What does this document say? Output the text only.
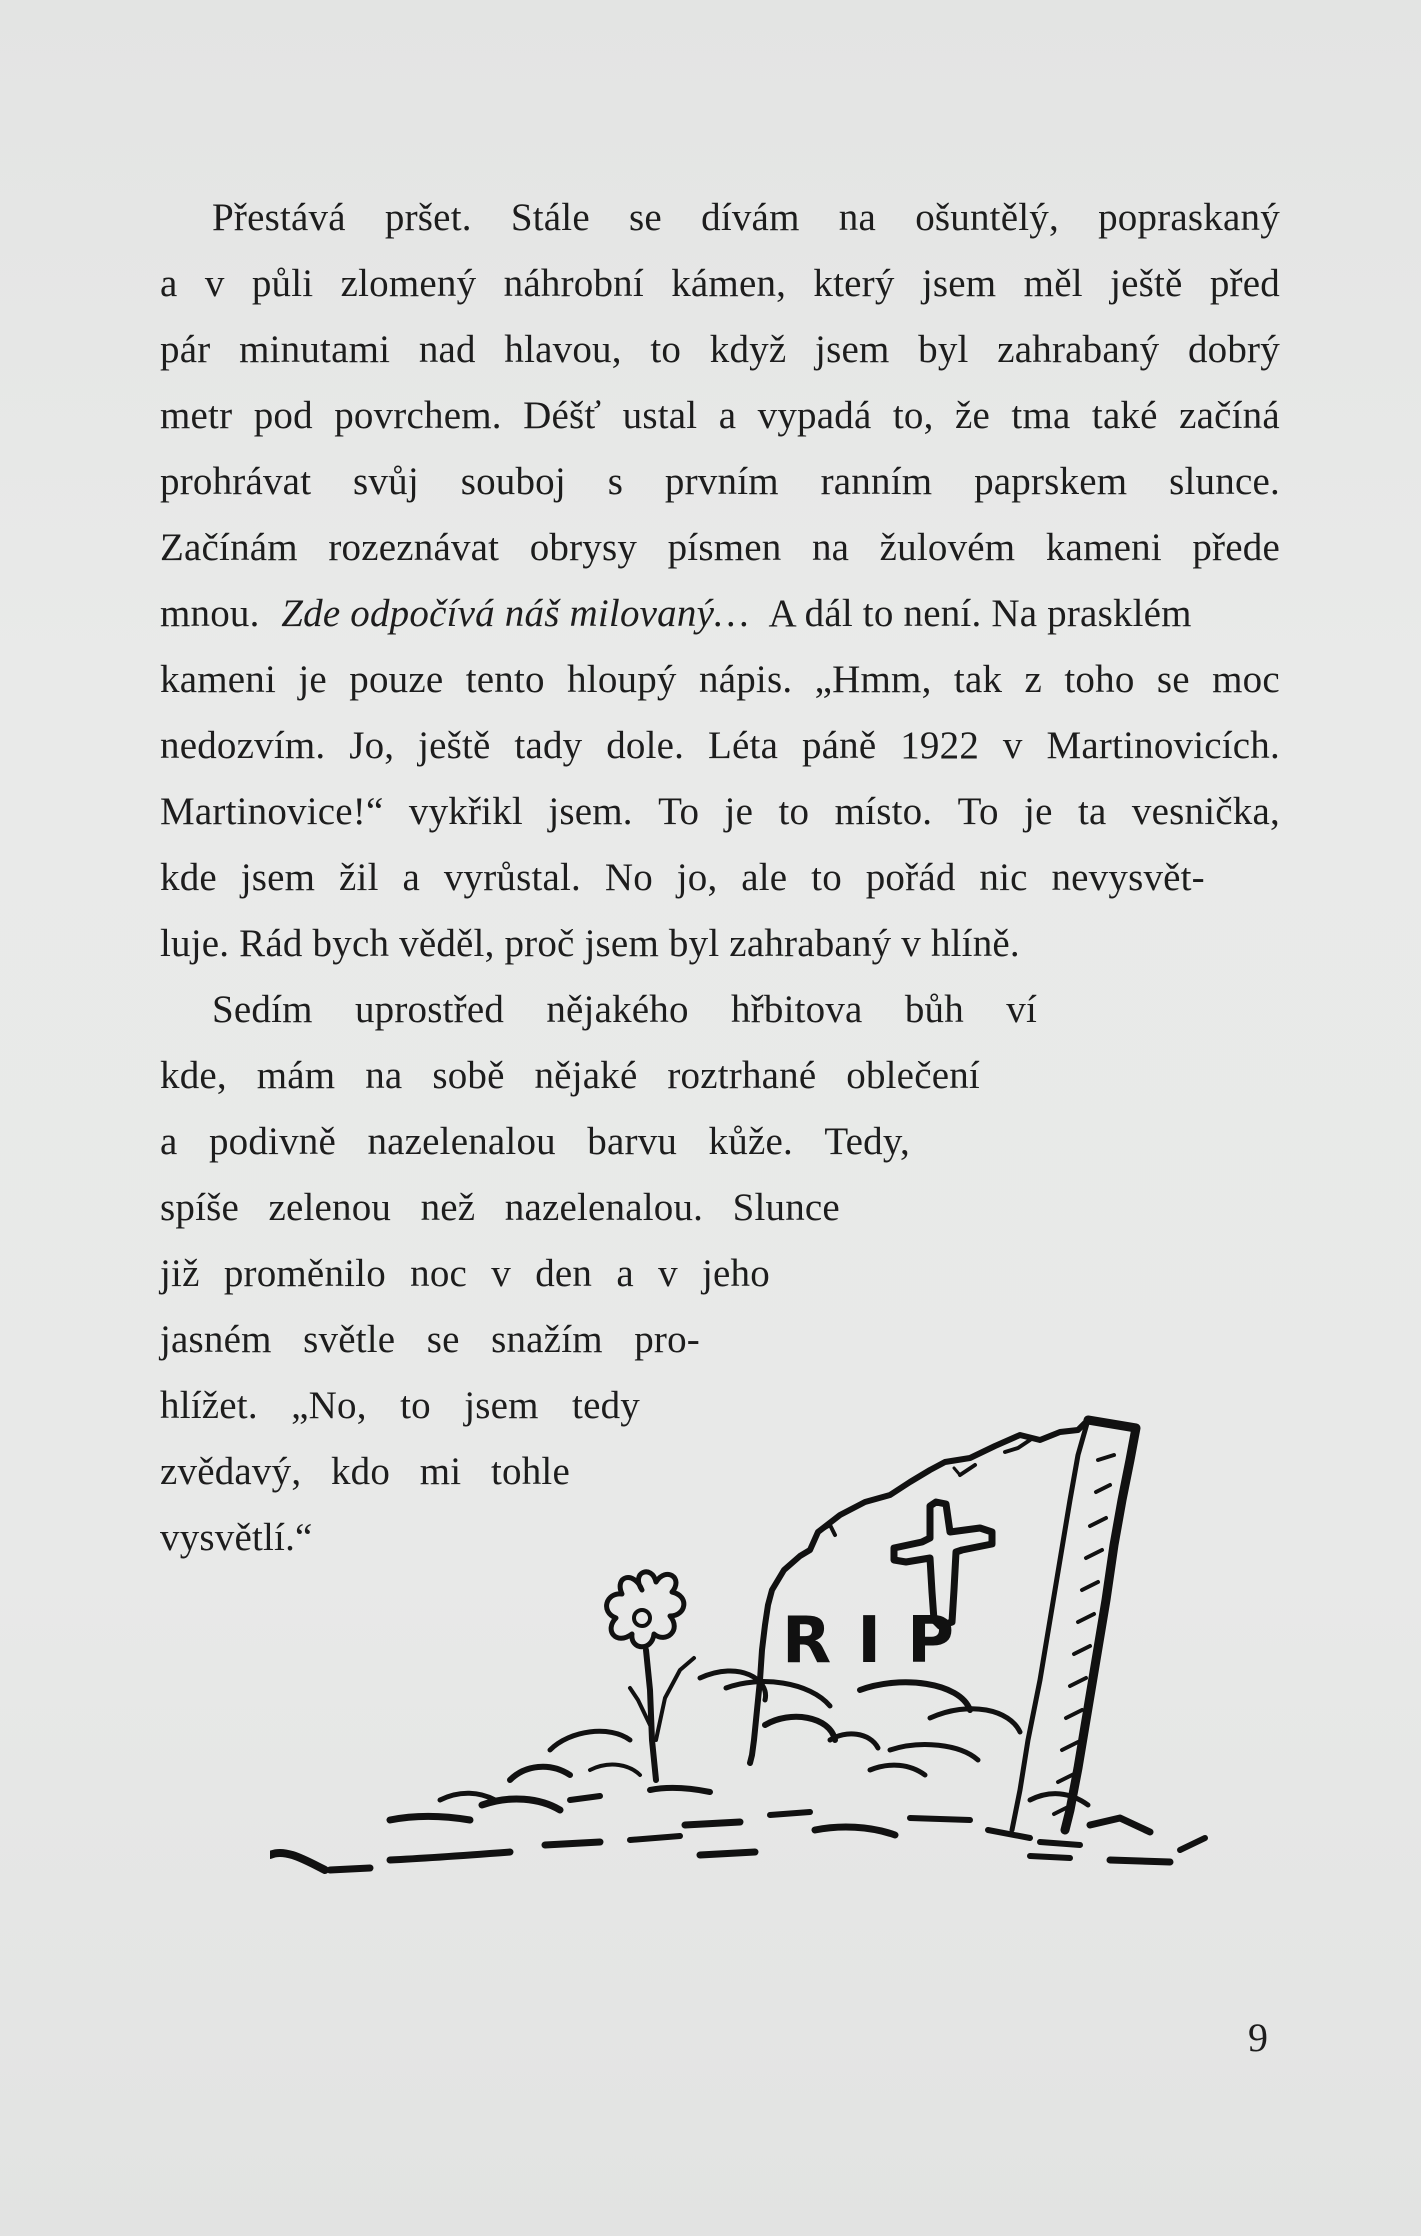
Přestává pršet. Stále se dívám na ošuntělý, popraskaný
a v půli zlomený náhrobní kámen, který jsem měl ještě před
pár minutami nad hlavou, to když jsem byl zahrabaný dobrý
metr pod povrchem. Déšť ustal a vypadá to, že tma také začíná
prohrávat svůj souboj s prvním ranním paprskem slunce.
Začínám rozeznávat obrysy písmen na žulovém kameni přede
mnou. Zde odpočívá náš milovaný… A dál to není. Na prasklém
kameni je pouze tento hloupý nápis. „Hmm, tak z toho se moc
nedozvím. Jo, ještě tady dole. Léta páně 1922 v Martinovicích.
Martinovice!“ vykřikl jsem. To je to místo. To je ta vesnička,
kde jsem žil a vyrůstal. No jo, ale to pořád nic nevysvět-
luje. Rád bych věděl, proč jsem byl zahrabaný v hlíně.
Sedím uprostřed nějakého hřbitova bůh ví
kde, mám na sobě nějaké roztrhané oblečení
a podivně nazelenalou barvu kůže. Tedy,
spíše zelenou než nazelenalou. Slunce
již proměnilo noc v den a v jeho
jasném světle se snažím pro-
hlížet. „No, to jsem tedy
zvědavý, kdo mi tohle
vysvětlí.“
RIP
9
